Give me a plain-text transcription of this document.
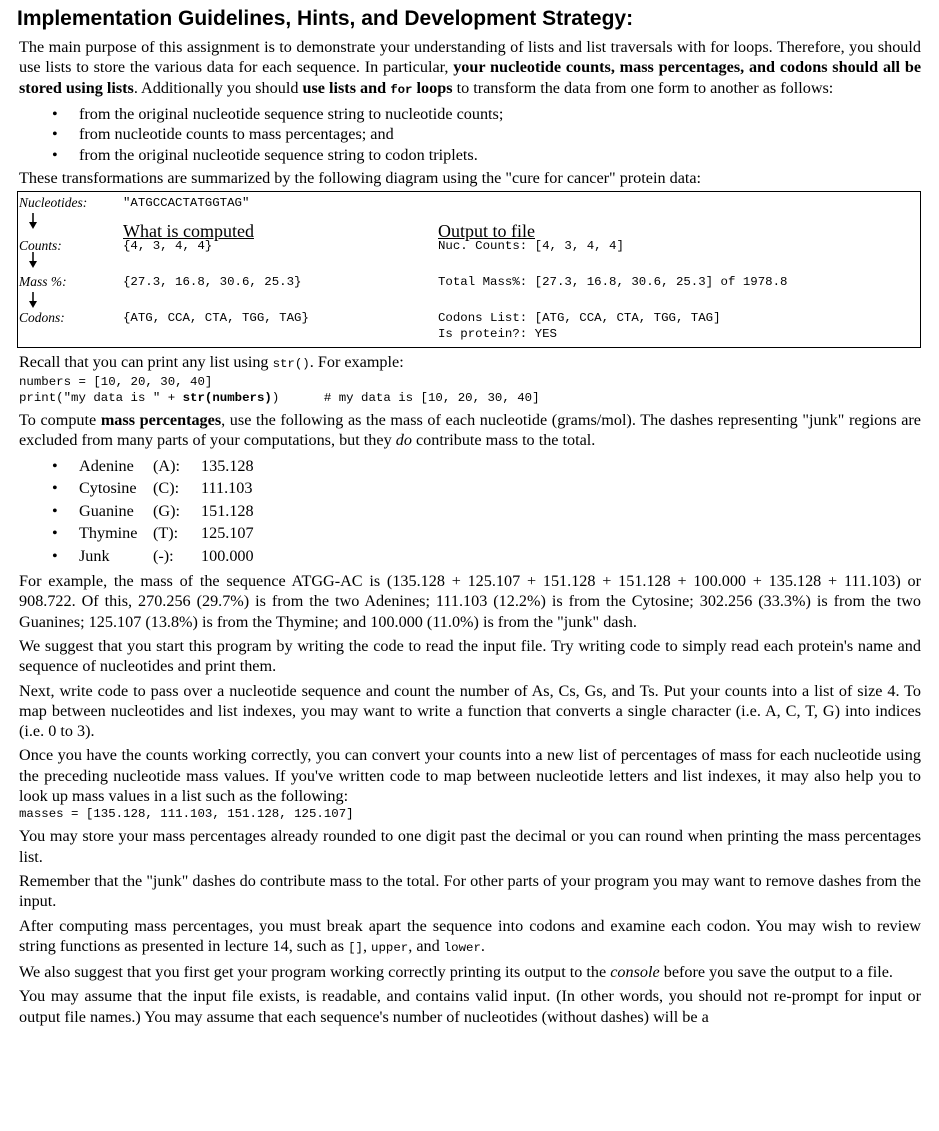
Implementation Guidelines, Hints, and Development Strategy:

The main purpose of this assignment is to demonstrate your understanding of lists and list traversals with for loops. Therefore, you should use lists to store the various data for each sequence. In particular, your nucleotide counts, mass percentages, and codons should all be stored using lists. Additionally you should use lists and for loops to transform the data from one form to another as follows:

• from the original nucleotide sequence string to nucleotide counts;
• from nucleotide counts to mass percentages; and
• from the original nucleotide sequence string to codon triplets.

These transformations are summarized by the following diagram using the "cure for cancer" protein data:

Nucleotides:	"ATGCCACTATGGTAG"
What is computed	Output to file
Counts:	{4, 3, 4, 4}	Nuc. Counts: [4, 3, 4, 4]
Mass %:	{27.3, 16.8, 30.6, 25.3}	Total Mass%: [27.3, 16.8, 30.6, 25.3] of 1978.8
Codons:	{ATG, CCA, CTA, TGG, TAG}	Codons List: [ATG, CCA, CTA, TGG, TAG]
Is protein?: YES

Recall that you can print any list using str(). For example:

numbers = [10, 20, 30, 40]
print("my data is " + str(numbers))      # my data is [10, 20, 30, 40]

To compute mass percentages, use the following as the mass of each nucleotide (grams/mol). The dashes representing "junk" regions are excluded from many parts of your computations, but they do contribute mass to the total.

• Adenine (A): 135.128
• Cytosine (C): 111.103
• Guanine (G): 151.128
• Thymine (T): 125.107
• Junk	(-): 100.000

For example, the mass of the sequence ATGG-AC is (135.128 + 125.107 + 151.128 + 151.128 + 100.000 + 135.128 + 111.103) or 908.722. Of this, 270.256 (29.7%) is from the two Adenines; 111.103 (12.2%) is from the Cytosine; 302.256 (33.3%) is from the two Guanines; 125.107 (13.8%) is from the Thymine; and 100.000 (11.0%) is from the "junk" dash.

We suggest that you start this program by writing the code to read the input file. Try writing code to simply read each protein's name and sequence of nucleotides and print them.

Next, write code to pass over a nucleotide sequence and count the number of As, Cs, Gs, and Ts. Put your counts into a list of size 4. To map between nucleotides and list indexes, you may want to write a function that converts a single character (i.e. A, C, T, G) into indices (i.e. 0 to 3).

Once you have the counts working correctly, you can convert your counts into a new list of percentages of mass for each nucleotide using the preceding nucleotide mass values. If you've written code to map between nucleotide letters and list indexes, it may also help you to look up mass values in a list such as the following:

masses = [135.128, 111.103, 151.128, 125.107]

You may store your mass percentages already rounded to one digit past the decimal or you can round when printing the mass percentages list.

Remember that the "junk" dashes do contribute mass to the total. For other parts of your program you may want to remove dashes from the input.

After computing mass percentages, you must break apart the sequence into codons and examine each codon. You may wish to review string functions as presented in lecture 14, such as [], upper, and lower.

We also suggest that you first get your program working correctly printing its output to the console before you save the output to a file.

You may assume that the input file exists, is readable, and contains valid input. (In other words, you should not re-prompt for input or output file names.) You may assume that each sequence's number of nucleotides (without dashes) will be a
